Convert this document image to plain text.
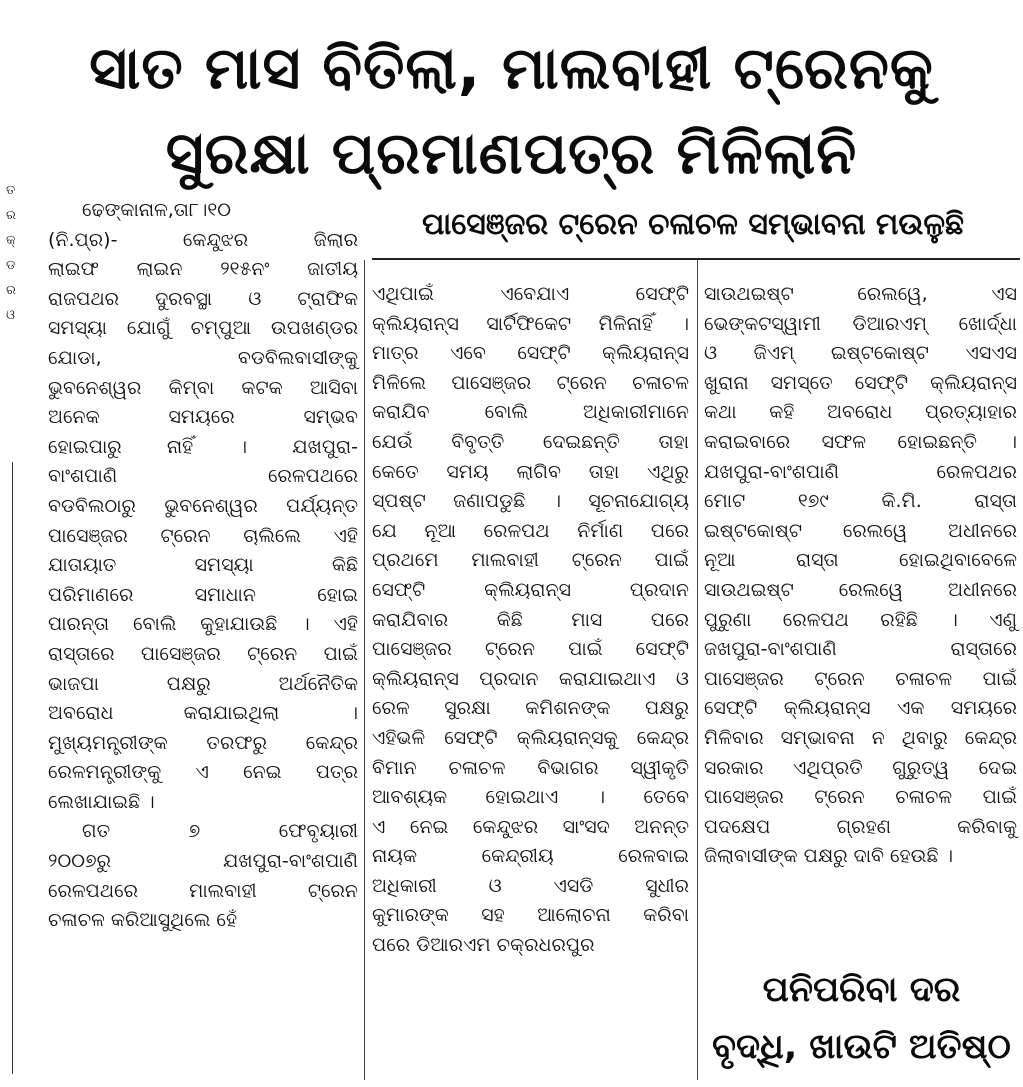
ସାତ ମାସ ବିତିଲା, ମାଲବାହୀ ଟ୍ରେନକୁ
ସୁରକ୍ଷା ପ୍ରମାଣପତ୍ର ମିଳିଲାନି
ତ
ର
କ୍
ଡ
ର
ଓ
ପାସେଞ୍ଜର ଟ୍ରେନ ଚଳାଚଳ ସମ୍ଭାବନା ମଉଳୁଛି

ଢେଙ୍କାନାଳ,ତା୮।୧୦

(ନି.ପ୍ର)- କେନ୍ଦୁଝର ଜିଲାର

ଲାଇଫ ଲାଇନ ୨୧୫ନଂ ଜାତୀୟ

ରାଜପଥର ଦୁରବସ୍ଥା ଓ ଟ୍ରାଫିକ

ସମସ୍ୟା ଯୋଗୁଁ ଚମ୍ପୁଆ ଉପଖଣ୍ଡର

ଯୋଡା, ବଡବିଲବାସୀଙ୍କୁ

ଭୁବନେଶ୍ୱର କିମ୍ବା କଟକ ଆସିବା

ଅନେକ ସମୟରେ ସମ୍ଭବ

ହୋଇପାରୁ ନାହିଁ । ଯଖପୁରା-

ବାଂଶପାଣି ରେଳପଥରେ

ବଡବିଲଠାରୁ ଭୁବନେଶ୍ୱର ପର୍ଯ୍ୟନ୍ତ

ପାସେଞ୍ଜର ଟ୍ରେନ ଚାଲିଲେ ଏହି

ଯାତାୟାତ ସମସ୍ୟା କିଛି

ପରିମାଣରେ ସମାଧାନ ହୋଇ

ପାରନ୍ତା ବୋଲି କୁହାଯାଉଛି । ଏହି

ରାସ୍ତାରେ ପାସେଞ୍ଜର ଟ୍ରେନ ପାଇଁ

ଭାଜପା ପକ୍ଷରୁ ଅର୍ଥନୈତିକ

ଅବରୋଧ କରାଯାଇଥିଲା ।

ମୁଖ୍ୟମନ୍ତ୍ରୀଙ୍କ ତରଫରୁ କେନ୍ଦ୍ର

ରେଳମନ୍ତ୍ରୀଙ୍କୁ ଏ ନେଇ ପତ୍ର

ଲେଖାଯାଇଛି ।

ଗତ ୭ ଫେବୃୟାରୀ

୨୦୦୭ରୁ ଯଖପୁରା-ବାଂଶପାଣି

ରେଳପଥରେ ମାଲବାହୀ ଟ୍ରେନ

ଚଳାଚଳ କରିଆସୁଥିଲେ ହେଁ

ଏଥିପାଇଁ ଏବେଯାଏ ସେଫ୍ଟି

କ୍ଲିୟରାନ୍ସ ସାର୍ଟିଫିକେଟ ମିଳିନାହିଁ ।

ମାତ୍ର ଏବେ ସେଫ୍ଟି କ୍ଲିୟରାନ୍ସ

ମିଳିଲେ ପାସେଞ୍ଜର ଟ୍ରେନ ଚଳାଚଳ

କରାଯିବ ବୋଲି ଅଧିକାରୀମାନେ

ଯେଉଁ ବିବୃତ୍ତି ଦେଇଛନ୍ତି ତାହା

କେତେ ସମୟ ଲାଗିବ ତାହା ଏଥିରୁ

ସ୍ପଷ୍ଟ ଜଣାପଡୁଛି । ସୂଚନାଯୋଗ୍ୟ

ଯେ ନୂଆ ରେଳପଥ ନିର୍ମାଣ ପରେ

ପ୍ରଥମେ ମାଲବାହୀ ଟ୍ରେନ ପାଇଁ

ସେଫ୍ଟି କ୍ଲିୟରାନ୍ସ ପ୍ରଦାନ

କରାଯିବାର କିଛି ମାସ ପରେ

ପାସେଞ୍ଜର ଟ୍ରେନ ପାଇଁ ସେଫ୍ଟି

କ୍ଲିୟରାନ୍ସ ପ୍ରଦାନ କରାଯାଇଥାଏ ଓ

ରେଳ ସୁରକ୍ଷା କମିଶନଙ୍କ ପକ୍ଷରୁ

ଏହିଭଳି ସେଫ୍ଟି କ୍ଲିୟରାନ୍ସକୁ କେନ୍ଦ୍ର

ବିମାନ ଚଳାଚଳ ବିଭାଗର ସ୍ୱୀକୃତି

ଆବଶ୍ୟକ ହୋଇଥାଏ । ତେବେ

ଏ ନେଇ କେନ୍ଦୁଝର ସାଂସଦ ଅନନ୍ତ

ନାୟକ କେନ୍ଦ୍ରୀୟ ରେଳବାଇ

ଅଧିକାରୀ ଓ ଏସଡି ସୁଧୀର

କୁମାରଙ୍କ ସହ ଆଲୋଚନା କରିବା

ପରେ ଡିଆରଏମ ଚକ୍ରଧରପୁର

ସାଉଥଇଷ୍ଟ ରେଲୱେ, ଏସ

ଭେଙ୍କଟସ୍ୱାମୀ ଡିଆରଏମ୍ ଖୋର୍ଦ୍ଧା

ଓ ଜିଏମ୍ ଇଷ୍ଟକୋଷ୍ଟ ଏସଏସ

ଖୁରାନା ସମସ୍ତେ ସେଫ୍ଟି କ୍ଲିୟରାନ୍ସ

କଥା କହି ଅବରୋଧ ପ୍ରତ୍ୟାହାର

କରାଇବାରେ ସଫଳ ହୋଇଛନ୍ତି ।

ଯଖପୁରା-ବାଂଶପାଣି ରେଳପଥର

ମୋଟ ୧୭୯ କି.ମି. ରାସ୍ତା

ଇଷ୍ଟକୋଷ୍ଟ ରେଲୱେ ଅଧୀନରେ

ନୂଆ ରାସ୍ତା ହୋଇଥିବାବେଳେ

ସାଉଥଇଷ୍ଟ ରେଲୱେ ଅଧୀନରେ

ପୁରୁଣା ରେଳପଥ ରହିଛି । ଏଣୁ

ଜଖପୁରା-ବାଂଶପାଣି ରାସ୍ତାରେ

ପାସେଞ୍ଜର ଟ୍ରେନ ଚଳାଚଳ ପାଇଁ

ସେଫ୍ଟି କ୍ଲିୟରାନ୍ସ ଏକ ସମୟରେ

ମିଳିବାର ସମ୍ଭାବନା ନ ଥିବାରୁ କେନ୍ଦ୍ର

ସରକାର ଏଥିପ୍ରତି ଗୁରୁତ୍ୱ ଦେଇ

ପାସେଞ୍ଜର ଟ୍ରେନ ଚଳାଚଳ ପାଇଁ

ପଦକ୍ଷେପ ଗ୍ରହଣ କରିବାକୁ

ଜିଲାବାସୀଙ୍କ ପକ୍ଷରୁ ଦାବି ହେଉଛି ।

ପନିପରିବା ଦର
ବୃଦ୍ଧି, ଖାଉଟି ଅତିଷ୍ଠ
